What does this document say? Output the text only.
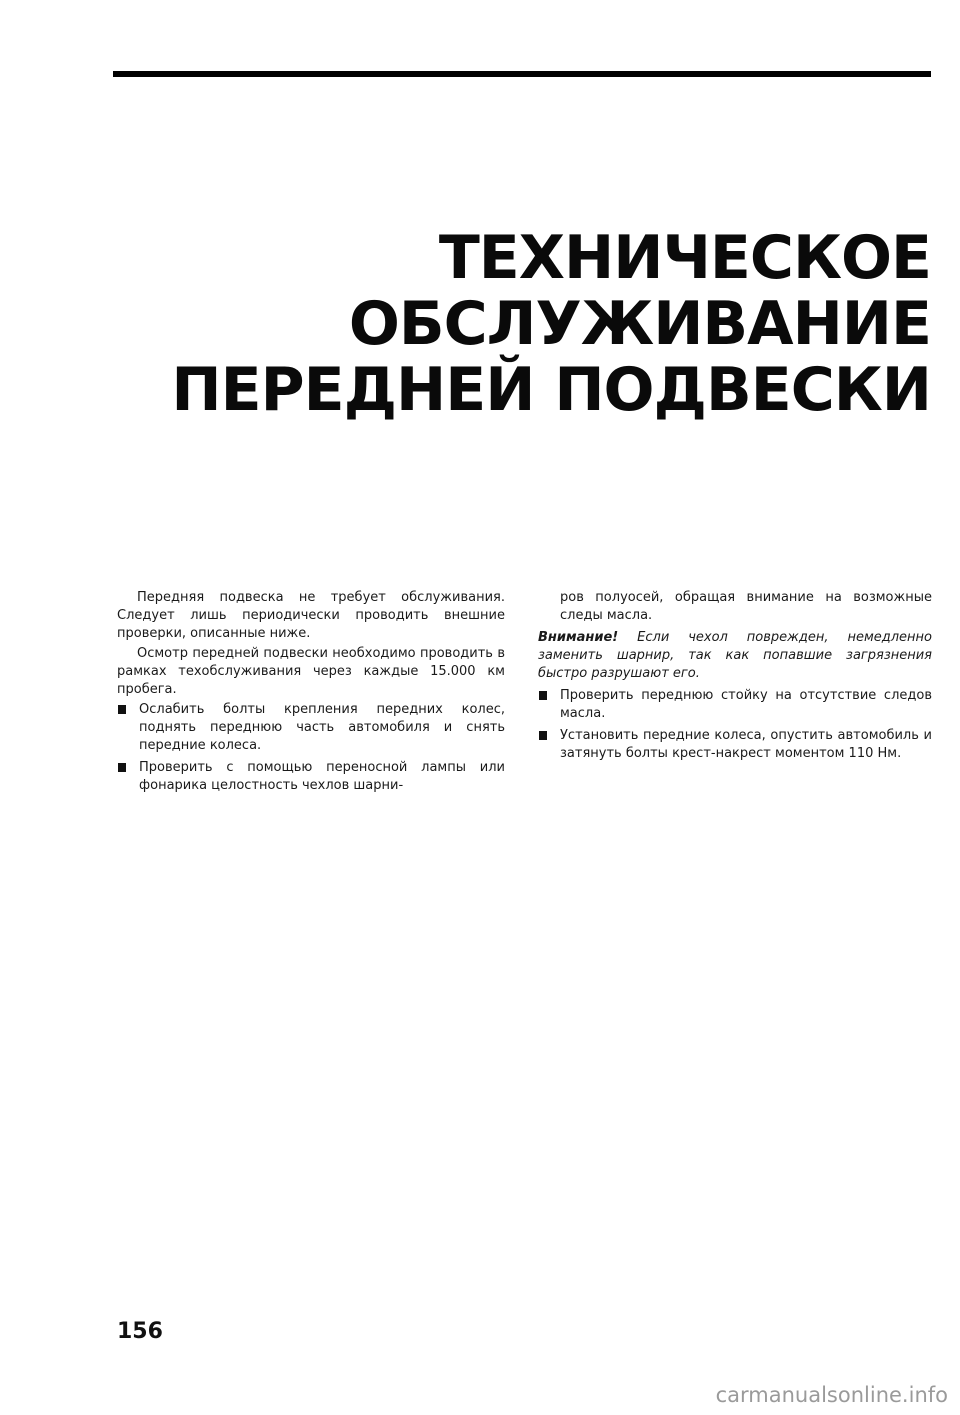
ТЕХНИЧЕСКОЕ
ОБСЛУЖИВАНИЕ
ПЕРЕДНЕЙ ПОДВЕСКИ

Передняя подвеска не требует обслуживания. Следует лишь периодически проводить внешние проверки, описанные ниже.

Осмотр передней подвески необходимо проводить в рамках техобслуживания через каждые 15.000 км пробега.

Ослабить болты крепления передних колес, поднять переднюю часть автомобиля и снять передние колеса.
Проверить с помощью переносной лампы или фонарика целостность чехлов шарни-

ров полуосей, обращая внимание на возможные следы масла.

Внимание! Если чехол поврежден, немедленно заменить шарнир, так как попавшие загрязнения быстро разрушают его.

Проверить переднюю стойку на отсутствие следов масла.
Установить передние колеса, опустить автомобиль и затянуть болты крест-накрест моментом 110 Нм.
156
carmanualsonline.info
